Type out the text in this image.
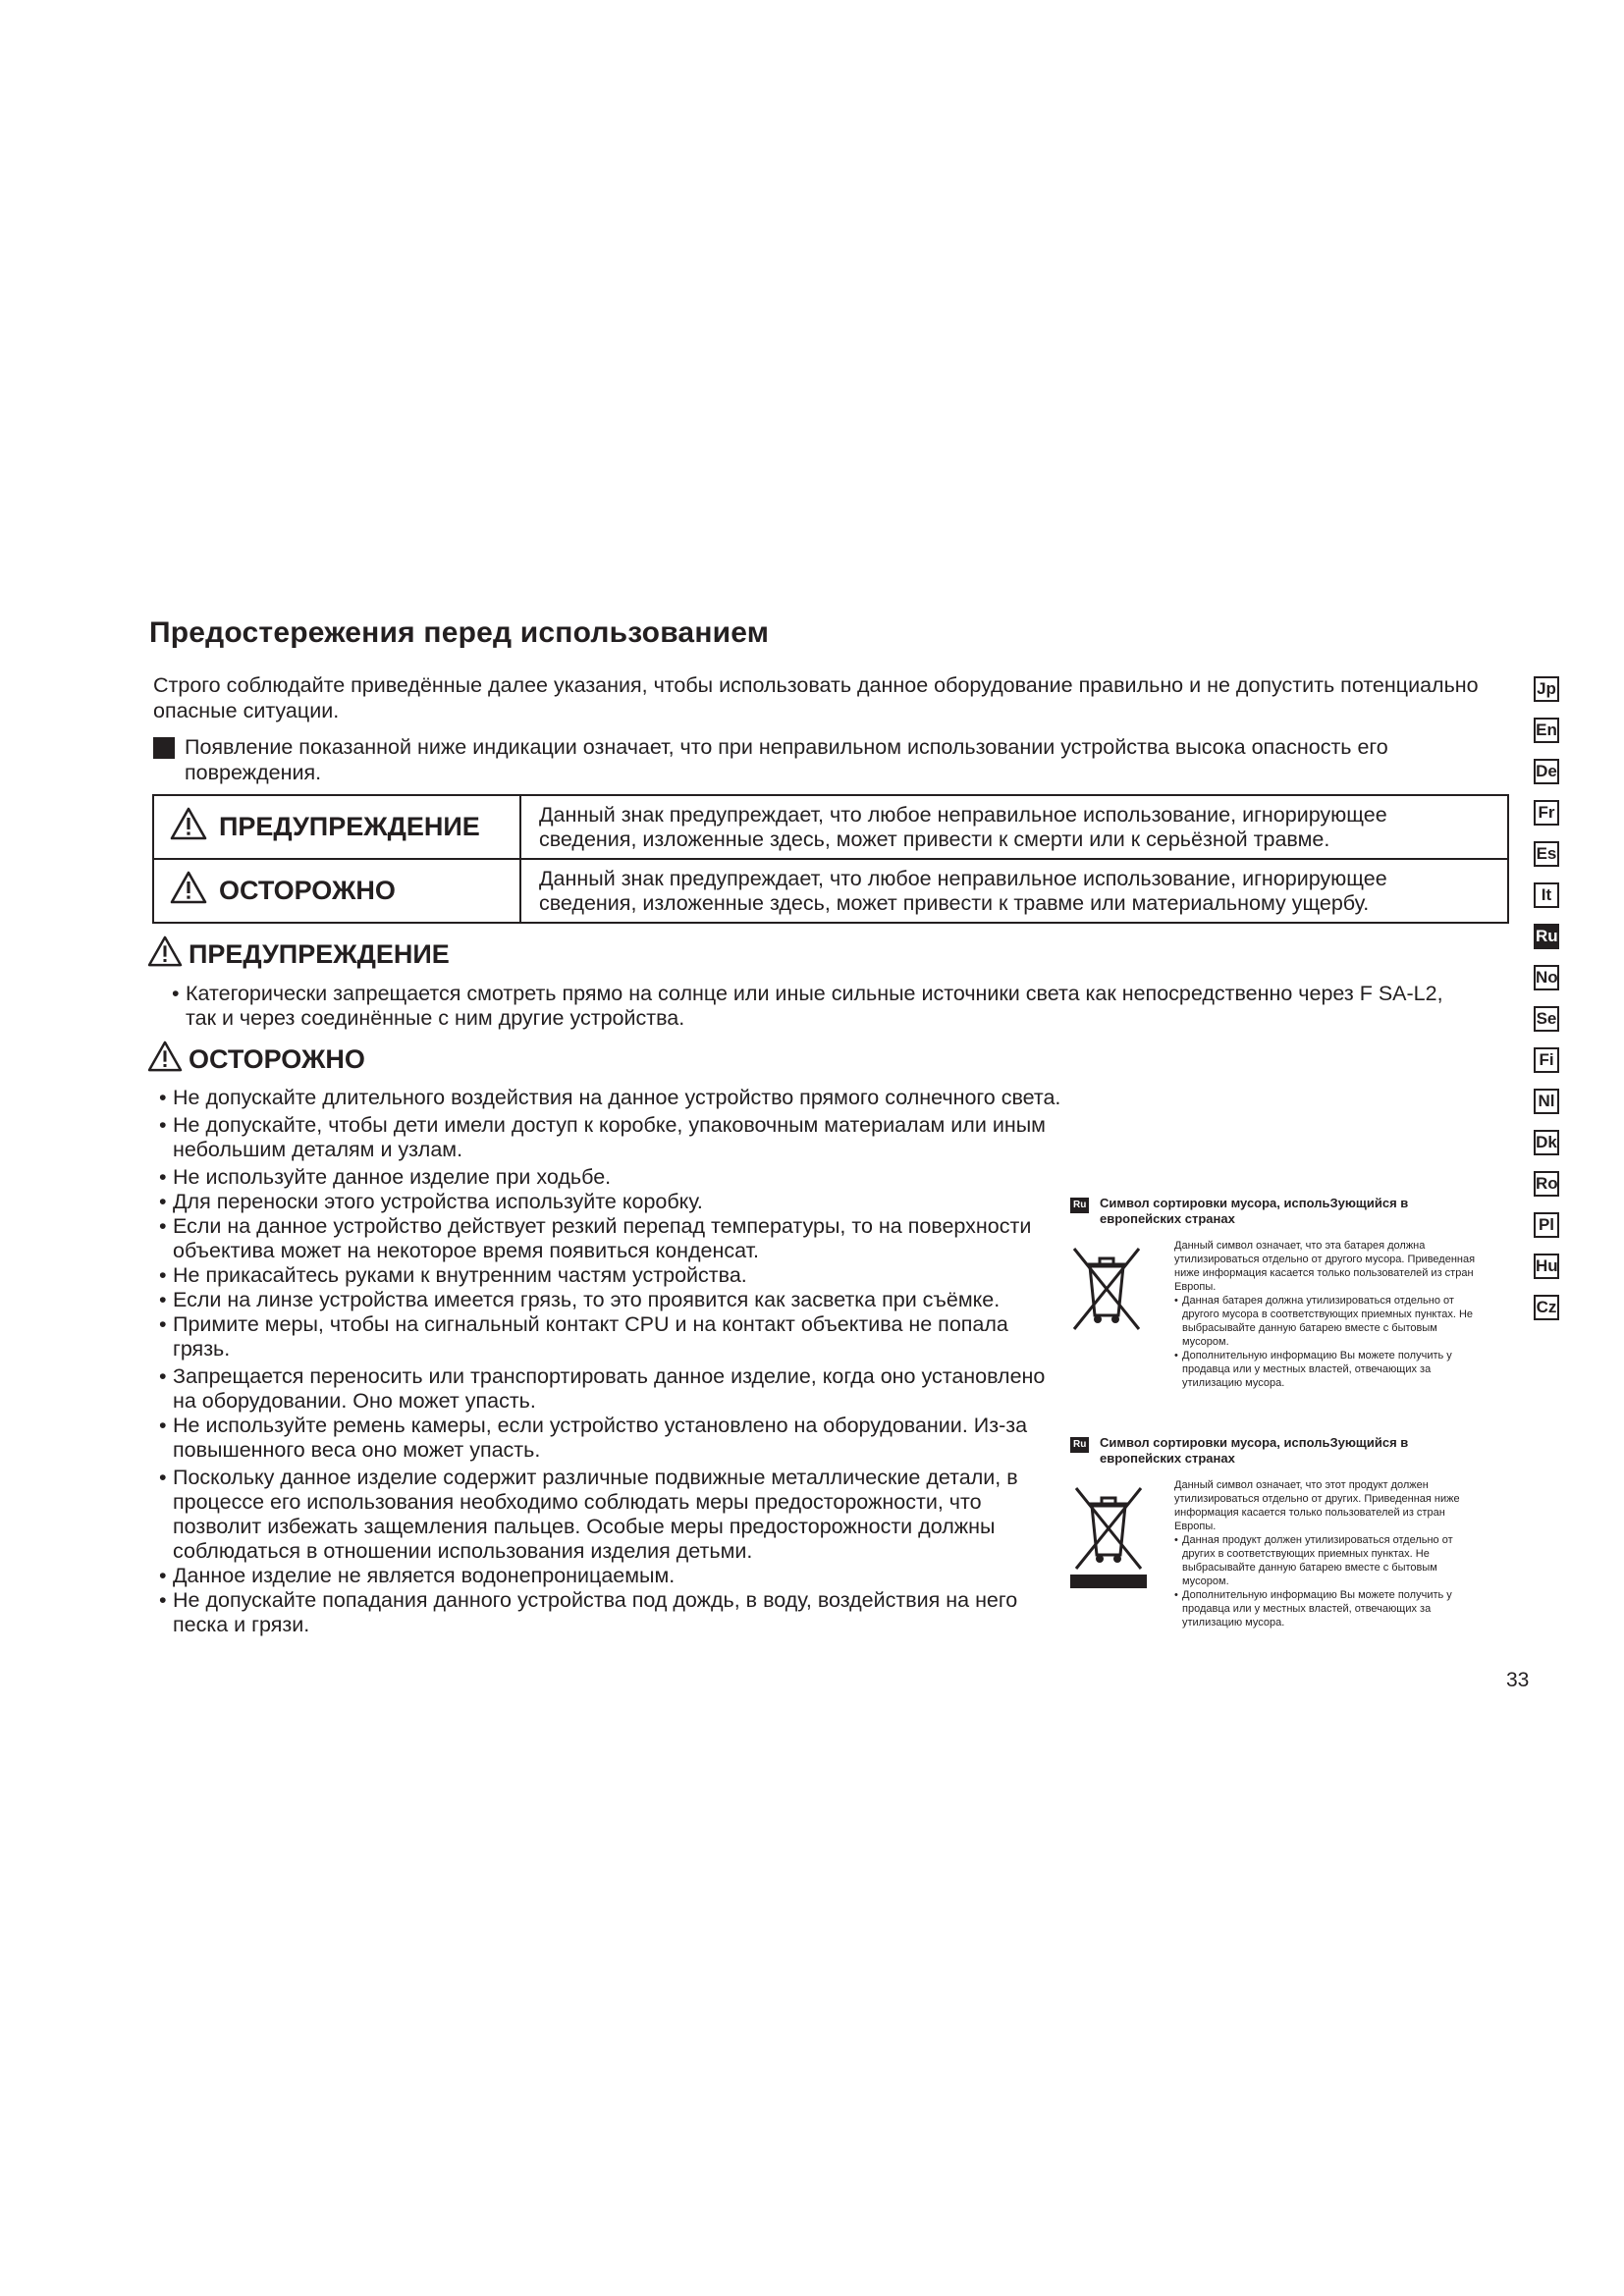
Предостережения перед использованием
Строго соблюдайте приведённые далее указания, чтобы использовать данное оборудование правильно и не допустить потенциально опасные ситуации.
Появление показанной ниже индикации означает, что при неправильном использовании устройства высока опасность его повреждения.
ПРЕДУПРЕЖДЕНИЕ	Данный знак предупреждает, что любое неправильное использование, игнорирующее сведения, изложенные здесь, может привести к смерти или к серьёзной травме.
ОСТОРОЖНО	Данный знак предупреждает, что любое неправильное использование, игнорирующее сведения, изложенные здесь, может привести к травме или материальному ущербу.
ПРЕДУПРЕЖДЕНИЕ
• Категорически запрещается смотреть прямо на солнце или иные сильные источники света как непосредственно через F SA-L2, так и через соединённые с ним другие устройства.
ОСТОРОЖНО
• Не допускайте длительного воздействия на данное устройство прямого солнечного света.
• Не допускайте, чтобы дети имели доступ к коробке, упаковочным материалам или иным небольшим деталям и узлам.
• Не используйте данное изделие при ходьбе.
• Для переноски этого устройства используйте коробку.
• Если на данное устройство действует резкий перепад температуры, то на поверхности объектива может на некоторое время появиться конденсат.
• Не прикасайтесь руками к внутренним частям устройства.
• Если на линзе устройства имеется грязь, то это проявится как засветка при съёмке.
• Примите меры, чтобы на сигнальный контакт CPU и на контакт объектива не попала грязь.
• Запрещается переносить или транспортировать данное изделие, когда оно установлено на оборудовании. Оно может упасть.
• Не используйте ремень камеры, если устройство установлено на оборудовании. Из-за повышенного веса оно может упасть.
• Поскольку данное изделие содержит различные подвижные металлические детали, в процессе его использования необходимо соблюдать меры предосторожности, что позволит избежать защемления пальцев. Особые меры предосторожности должны соблюдаться в отношении использования изделия детьми.
• Данное изделие не является водонепроницаемым.
• Не допускайте попадания данного устройства под дождь, в воду, воздействия на него песка и грязи.
Ru Символ сортировки мусора, испольЗующийся в европейских странах
Данный символ означает, что эта батарея должна утилизироваться отдельно от другого мусора. Приведенная ниже информация касается только пользователей из стран Европы.
• Данная батарея должна утилизироваться отдельно от другого мусора в соответствующих приемных пунктах. Не выбрасывайте данную батарею вместе с бытовым мусором.
• Дополнительную информацию Вы можете получить у продавца или у местных властей, отвечающих за утилизацию мусора.
Ru Символ сортировки мусора, испольЗующийся в европейских странах
Данный символ означает, что этот продукт должен утилизироваться отдельно от других. Приведенная ниже информация касается только пользователей из стран Европы.
• Данная продукт должен утилизироваться отдельно от других в соответствующих приемных пунктах. Не выбрасывайте данную батарею вместе с бытовым мусором.
• Дополнительную информацию Вы можете получить у продавца или у местных властей, отвечающих за утилизацию мусора.
Jp
En
De
Fr
Es
It
Ru
No
Se
Fi
Nl
Dk
Ro
Pl
Hu
Cz
33
